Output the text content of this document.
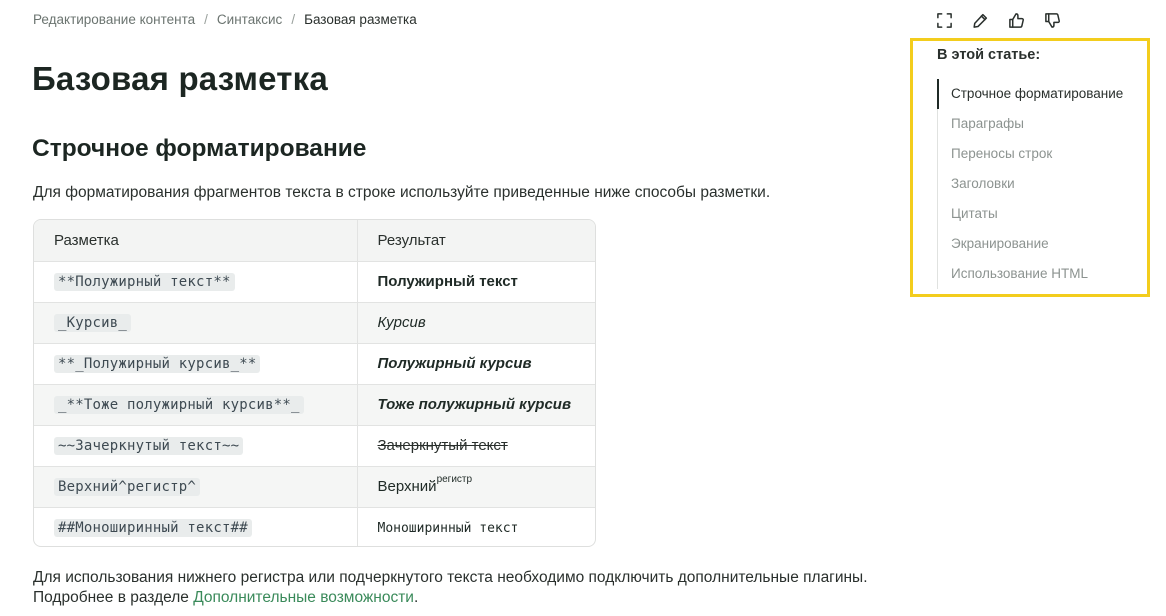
Редактирование контента / Синтаксис / Базовая разметка
Базовая разметка
Строчное форматирование

Для форматирования фрагментов текста в строке используйте приведенные ниже способы разметки.

Разметка	Результат
**Полужирный текст**	Полужирный текст
_Курсив_	Курсив
**_Полужирный курсив_**	Полужирный курсив
_**Тоже полужирный курсив**_	Тоже полужирный курсив
~~Зачеркнутый текст~~	Зачеркнутый текст
Верхний^регистр^	Верхний$^{регистр}$
##Моноширинный текст##	Моноширинный текст
Для использования нижнего регистра или подчеркнутого текста необходимо подключить дополнительные плагины.
Подробнее в разделе Дополнительные возможности.
В этой статье:
Строчное форматирование
Параграфы
Переносы строк
Заголовки
Цитаты
Экранирование
Использование HTML
